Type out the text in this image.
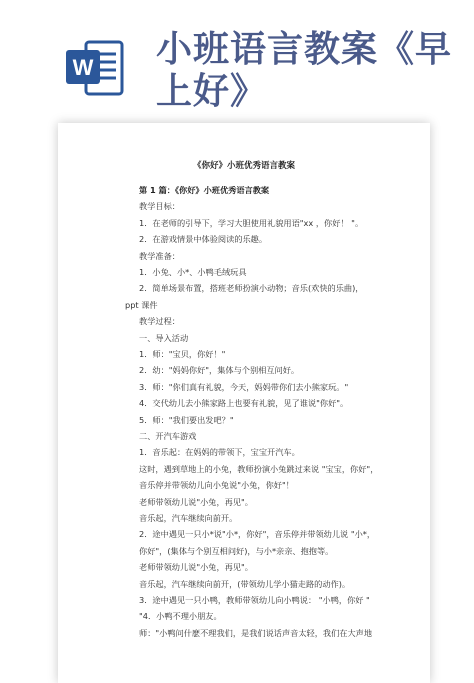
W 小班语言教案《早
上好》
《你好》小班优秀语言教案
第 1 篇：《你好》小班优秀语言教案
教学目标：
1．在老师的引导下，学习大胆使用礼貌用语"xx ，你好！ "。
2．在游戏情景中体验阅读的乐趣。
教学准备：
1．小兔、小*、小鸭毛绒玩具
2．简单场景布置，搭班老师扮演小动物；音乐(欢快的乐曲)，
ppt 课件
教学过程：
一、导入活动
1．师："宝贝，你好！"
2．幼："妈妈你好"，集体与个别相互问好。
3．师："你们真有礼貌，今天，妈妈带你们去小熊家玩。"
4．交代幼儿去小熊家路上也要有礼貌，见了谁说"你好"。
5．师："我们要出发吧？"
二、开汽车游戏
1．音乐起：在妈妈的带领下，宝宝开汽车。
这时，遇到草地上的小兔，教师扮演小兔跳过来说 "宝宝，你好"，
音乐停并带领幼儿向小兔说"小兔，你好"！
老师带领幼儿说"小兔，再见"。
音乐起，汽车继续向前开。
2．途中遇见一只小*说"小*，你好"，音乐停并带领幼儿说 "小*，
你好"，(集体与个别互相问好)，与小*亲亲、抱抱等。
老师带领幼儿说"小兔，再见"。
音乐起，汽车继续向前开，(带领幼儿学小猫走路的动作)。
3．途中遇见一只小鸭，教师带领幼儿向小鸭说： "小鸭，你好 "
"4．小鸭不理小朋友。
师："小鸭问什麽不理我们，是我们说话声音太轻，我们在大声地
